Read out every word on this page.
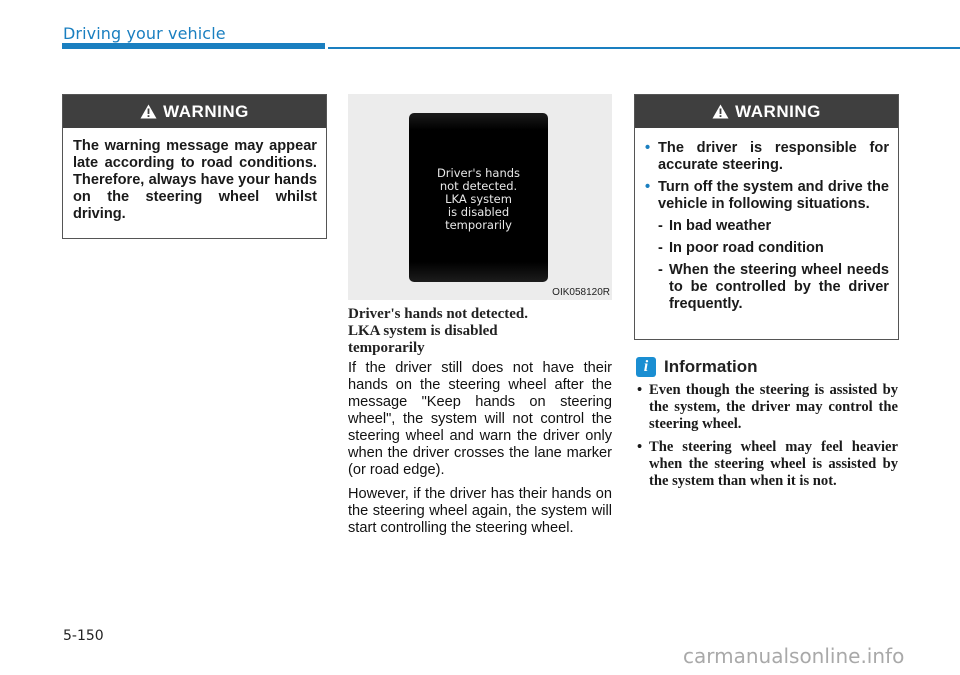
Driving your vehicle
WARNING
The warning message may appear late according to road conditions. Therefore, always have your hands on the steering wheel whilst driving.
Driver's hands
not detected.
LKA system
is disabled
temporarily
OIK058120R
Driver's hands not detected.
LKA system is disabled
temporarily
If the driver still does not have their hands on the steering wheel after the message "Keep hands on steering wheel", the system will not control the steering wheel and warn the driver only when the driver crosses the lane marker (or road edge).
However, if the driver has their hands on the steering wheel again, the system will start controlling the steering wheel.
WARNING
• The driver is responsible for accurate steering.
• Turn off the system and drive the vehicle in following situations.
- In bad weather
- In poor road condition
- When the steering wheel needs to be controlled by the driver frequently.
i Information
• Even though the steering is assisted by the system, the driver may control the steering wheel.
• The steering wheel may feel heavier when the steering wheel is assisted by the system than when it is not.
5-150
carmanualsonline.info
